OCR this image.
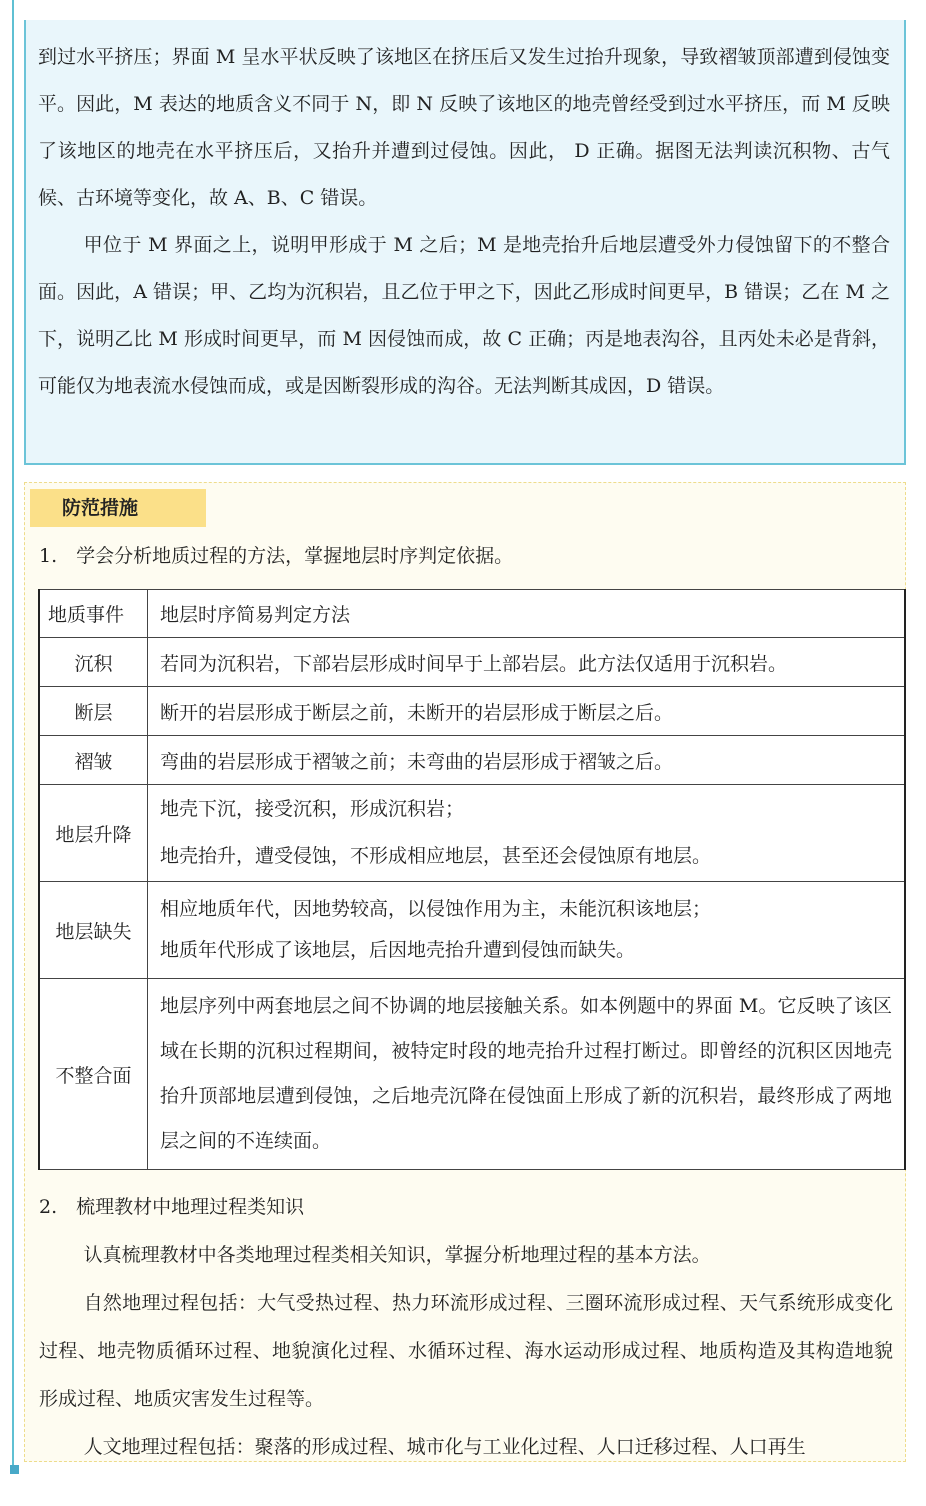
到过水平挤压；界面 M 呈水平状反映了该地区在挤压后又发生过抬升现象，导致褶皱顶部遭到侵蚀变平。因此，M 表达的地质含义不同于 N，即 N 反映了该地区的地壳曾经受到过水平挤压，而 M 反映了该地区的地壳在水平挤压后，又抬升并遭到过侵蚀。因此， D 正确。据图无法判读沉积物、古气候、古环境等变化，故 A、B、C 错误。

甲位于 M 界面之上，说明甲形成于 M 之后；M 是地壳抬升后地层遭受外力侵蚀留下的不整合面。因此，A 错误；甲、乙均为沉积岩，且乙位于甲之下，因此乙形成时间更早，B 错误；乙在 M 之下，说明乙比 M 形成时间更早，而 M 因侵蚀而成，故 C 正确；丙是地表沟谷，且丙处未必是背斜，可能仅为地表流水侵蚀而成，或是因断裂形成的沟谷。无法判断其成因，D 错误。

防范措施
1.　学会分析地质过程的方法，掌握地层时序判定依据。
地质事件	地层时序简易判定方法
沉积	若同为沉积岩，下部岩层形成时间早于上部岩层。此方法仅适用于沉积岩。

断层	断开的岩层形成于断层之前，未断开的岩层形成于断层之后。

褶皱	弯曲的岩层形成于褶皱之前；未弯曲的岩层形成于褶皱之后。

地层升降	地壳下沉，接受沉积，形成沉积岩；
地壳抬升，遭受侵蚀，不形成相应地层，甚至还会侵蚀原有地层。

地层缺失	相应地质年代，因地势较高，以侵蚀作用为主，未能沉积该地层；
地质年代形成了该地层，后因地壳抬升遭到侵蚀而缺失。

不整合面	地层序列中两套地层之间不协调的地层接触关系。如本例题中的界面 M。它反映了该区域在长期的沉积过程期间，被特定时段的地壳抬升过程打断过。即曾经的沉积区因地壳抬升顶部地层遭到侵蚀，之后地壳沉降在侵蚀面上形成了新的沉积岩，最终形成了两地层之间的不连续面。

2.　梳理教材中地理过程类知识

认真梳理教材中各类地理过程类相关知识，掌握分析地理过程的基本方法。

自然地理过程包括：大气受热过程、热力环流形成过程、三圈环流形成过程、天气系统形成变化过程、地壳物质循环过程、地貌演化过程、水循环过程、海水运动形成过程、地质构造及其构造地貌形成过程、地质灾害发生过程等。

人文地理过程包括：聚落的形成过程、城市化与工业化过程、人口迁移过程、人口再生
